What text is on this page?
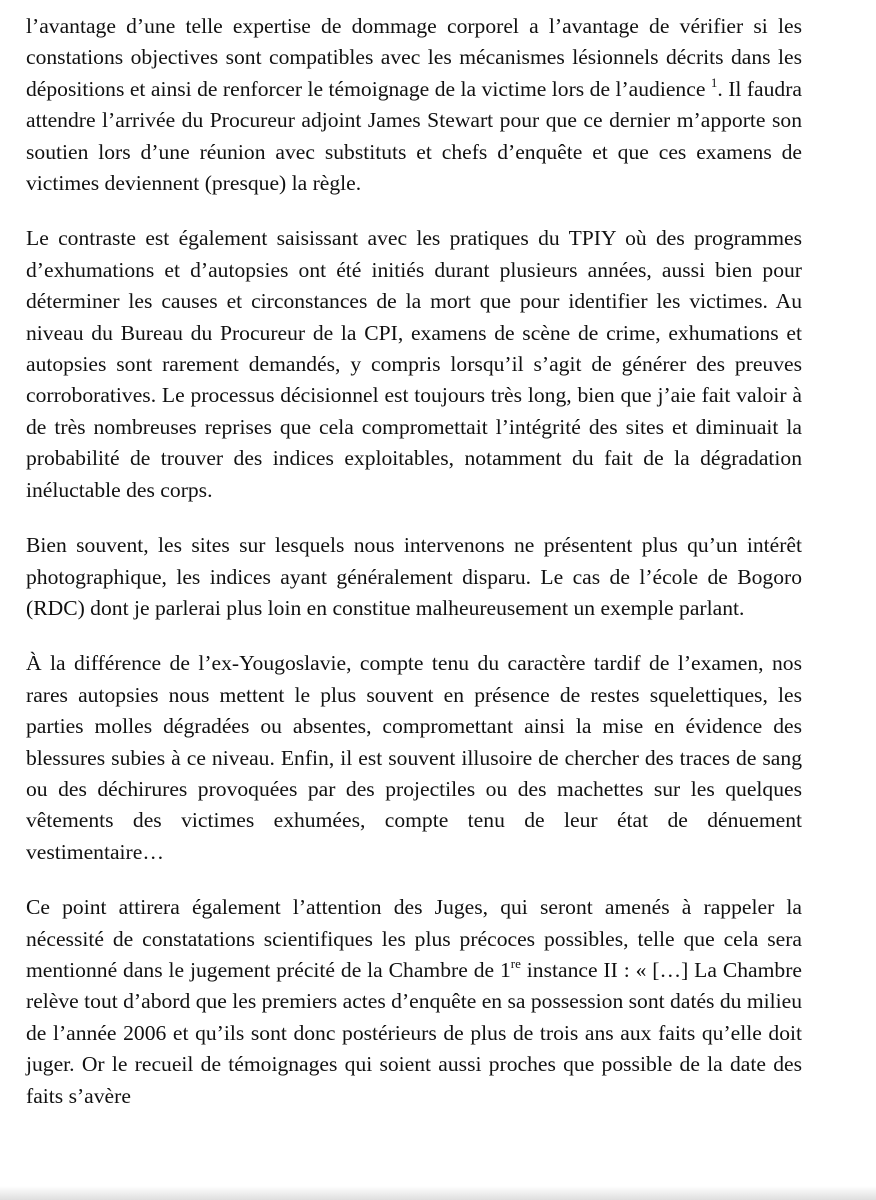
l’avantage d’une telle expertise de dommage corporel a l’avantage de vérifier si les constations objectives sont compatibles avec les mécanismes lésionnels décrits dans les dépositions et ainsi de renforcer le témoignage de la victime lors de l’audience $^1$. Il faudra attendre l’arrivée du Procureur adjoint James Stewart pour que ce dernier m’apporte son soutien lors d’une réunion avec substituts et chefs d’enquête et que ces examens de victimes deviennent (presque) la règle.

Le contraste est également saisissant avec les pratiques du TPIY où des programmes d’exhumations et d’autopsies ont été initiés durant plusieurs années, aussi bien pour déterminer les causes et circonstances de la mort que pour identifier les victimes. Au niveau du Bureau du Procureur de la CPI, examens de scène de crime, exhumations et autopsies sont rarement demandés, y compris lorsqu’il s’agit de générer des preuves corroboratives. Le processus décisionnel est toujours très long, bien que j’aie fait valoir à de très nombreuses reprises que cela compromettait l’intégrité des sites et diminuait la probabilité de trouver des indices exploitables, notamment du fait de la dégradation inéluctable des corps.

Bien souvent, les sites sur lesquels nous intervenons ne présentent plus qu’un intérêt photographique, les indices ayant généralement disparu. Le cas de l’école de Bogoro (RDC) dont je parlerai plus loin en constitue malheureusement un exemple parlant.

À la différence de l’ex-Yougoslavie, compte tenu du caractère tardif de l’examen, nos rares autopsies nous mettent le plus souvent en présence de restes squelettiques, les parties molles dégradées ou absentes, compromettant ainsi la mise en évidence des blessures subies à ce niveau. Enfin, il est souvent illusoire de chercher des traces de sang ou des déchirures provoquées par des projectiles ou des machettes sur les quelques vêtements des victimes exhumées, compte tenu de leur état de dénuement vestimentaire…

Ce point attirera également l’attention des Juges, qui seront amenés à rappeler la nécessité de constatations scientifiques les plus précoces possibles, telle que cela sera mentionné dans le jugement précité de la Chambre de 1re instance II : « […] La Chambre relève tout d’abord que les premiers actes d’enquête en sa possession sont datés du milieu de l’année 2006 et qu’ils sont donc postérieurs de plus de trois ans aux faits qu’elle doit juger. Or le recueil de témoignages qui soient aussi proches que possible de la date des faits s’avère
